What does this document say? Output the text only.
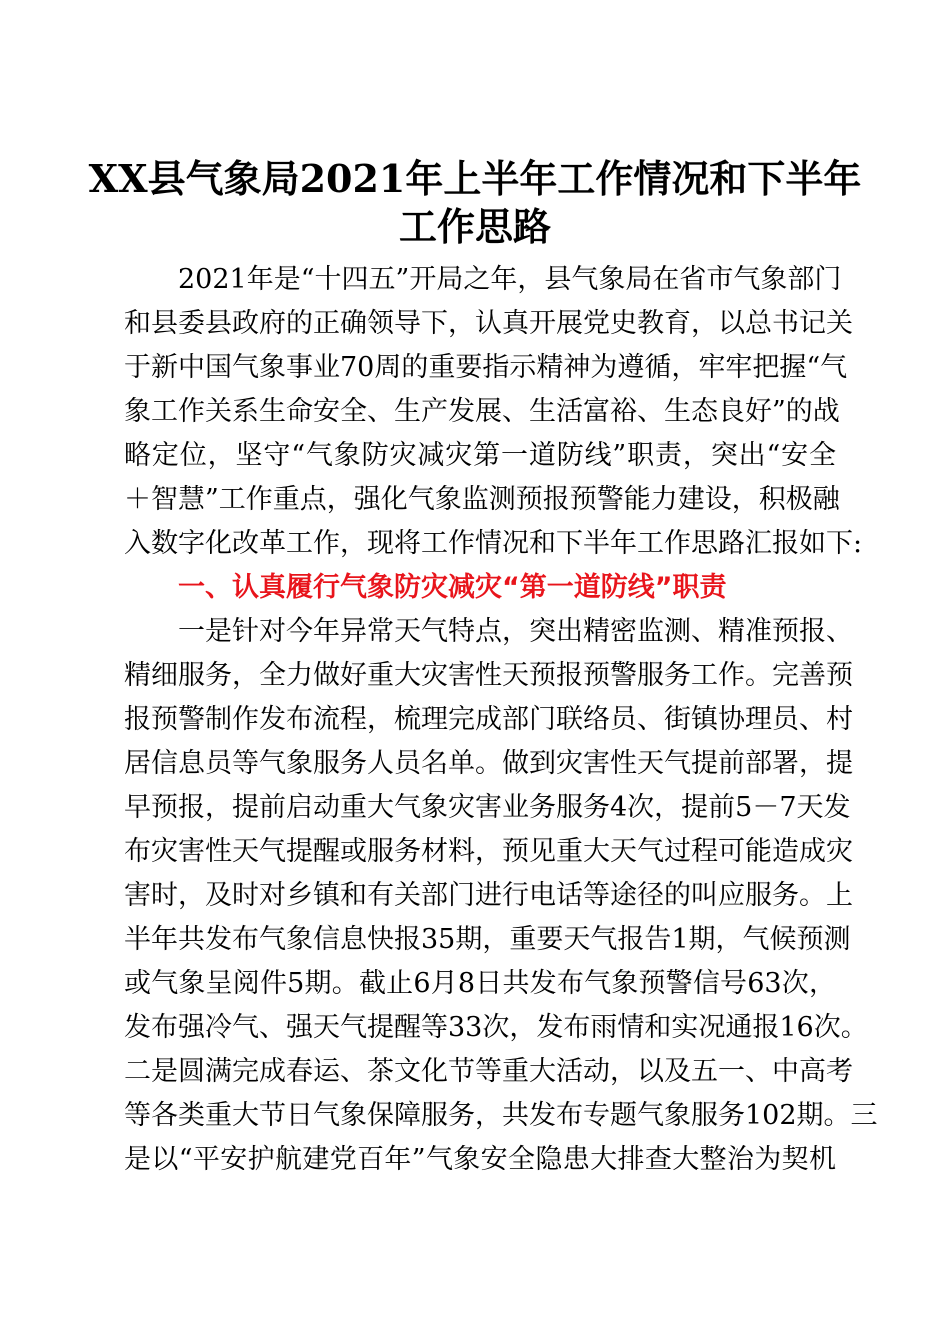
XX县气象局2021年上半年工作情况和下半年
工作思路
2021年是“十四五”开局之年，县气象局在省市气象部门
和县委县政府的正确领导下，认真开展党史教育，以总书记关
于新中国气象事业70周的重要指示精神为遵循，牢牢把握“气
象工作关系生命安全、生产发展、生活富裕、生态良好”的战
略定位，坚守“气象防灾减灾第一道防线”职责，突出“安全
＋智慧”工作重点，强化气象监测预报预警能力建设，积极融
入数字化改革工作，现将工作情况和下半年工作思路汇报如下:
一、认真履行气象防灾减灾“第一道防线”职责
一是针对今年异常天气特点，突出精密监测、精准预报、
精细服务，全力做好重大灾害性天预报预警服务工作。完善预
报预警制作发布流程，梳理完成部门联络员、街镇协理员、村
居信息员等气象服务人员名单。做到灾害性天气提前部署，提
早预报，提前启动重大气象灾害业务服务4次，提前5－7天发
布灾害性天气提醒或服务材料，预见重大天气过程可能造成灾
害时，及时对乡镇和有关部门进行电话等途径的叫应服务。上
半年共发布气象信息快报35期，重要天气报告1期，气候预测
或气象呈阅件5期。截止6月8日共发布气象预警信号63次，
发布强冷气、强天气提醒等33次，发布雨情和实况通报16次。
二是圆满完成春运、茶文化节等重大活动，以及五一、中高考
等各类重大节日气象保障服务，共发布专题气象服务102期。三
是以“平安护航建党百年”气象安全隐患大排查大整治为契机
